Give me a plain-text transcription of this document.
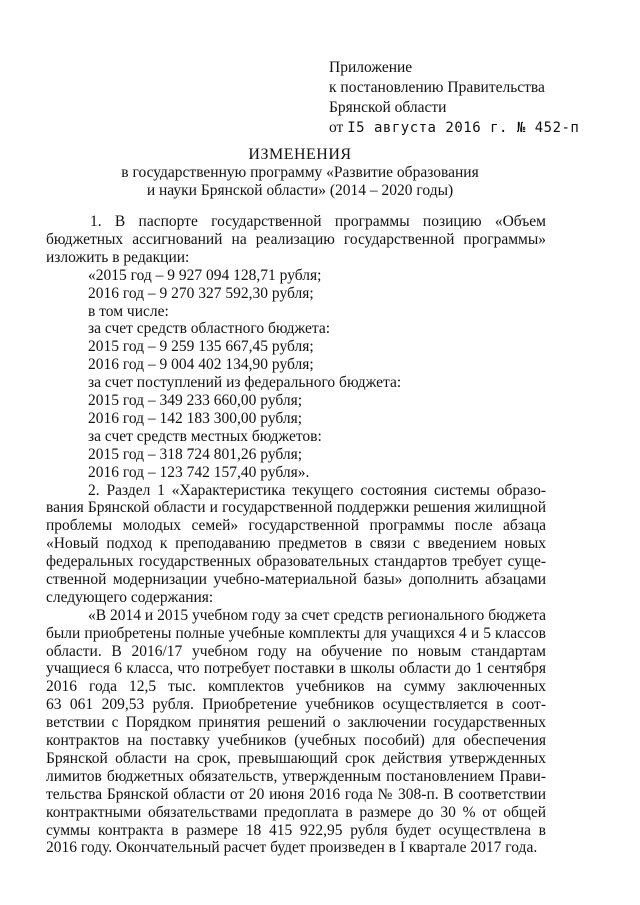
Приложение
к постановлению Правительства
Брянской области
от I5 августа 2016 г. № 452-п
ИЗМЕНЕНИЯ
в государственную программу «Развитие образования
и науки Брянской области» (2014 – 2020 годы)
1. В паспорте государственной программы позицию «Объем
бюджетных ассигнований на реализацию государственной программы»
изложить в редакции:
«2015 год – 9 927 094 128,71 рубля;
2016 год – 9 270 327 592,30 рубля;
в том числе:
за счет средств областного бюджета:
2015 год – 9 259 135 667,45 рубля;
2016 год – 9 004 402 134,90 рубля;
за счет поступлений из федерального бюджета:
2015 год – 349 233 660,00 рубля;
2016 год – 142 183 300,00 рубля;
за счет средств местных бюджетов:
2015 год – 318 724 801,26 рубля;
2016 год – 123 742 157,40 рубля».
2. Раздел 1 «Характеристика текущего состояния системы образо-
вания Брянской области и государственной поддержки решения жилищной
проблемы молодых семей» государственной программы после абзаца
«Новый подход к преподаванию предметов в связи с введением новых
федеральных государственных образовательных стандартов требует суще-
ственной модернизации учебно-материальной базы» дополнить абзацами
следующего содержания:
«В 2014 и 2015 учебном году за счет средств регионального бюджета
были приобретены полные учебные комплекты для учащихся 4 и 5 классов
области. В 2016/17 учебном году на обучение по новым стандартам
учащиеся 6 класса, что потребует поставки в школы области до 1 сентября
2016 года 12,5 тыс. комплектов учебников на сумму заключенных
63 061 209,53 рубля. Приобретение учебников осуществляется в соот-
ветствии с Порядком принятия решений о заключении государственных
контрактов на поставку учебников (учебных пособий) для обеспечения
Брянской области на срок, превышающий срок действия утвержденных
лимитов бюджетных обязательств, утвержденным постановлением Прави-
тельства Брянской области от 20 июня 2016 года № 308-п. В соответствии
контрактными обязательствами предоплата в размере до 30 % от общей
суммы контракта в размере 18 415 922,95 рубля будет осуществлена в
2016 году. Окончательный расчет будет произведен в I квартале 2017 года.
